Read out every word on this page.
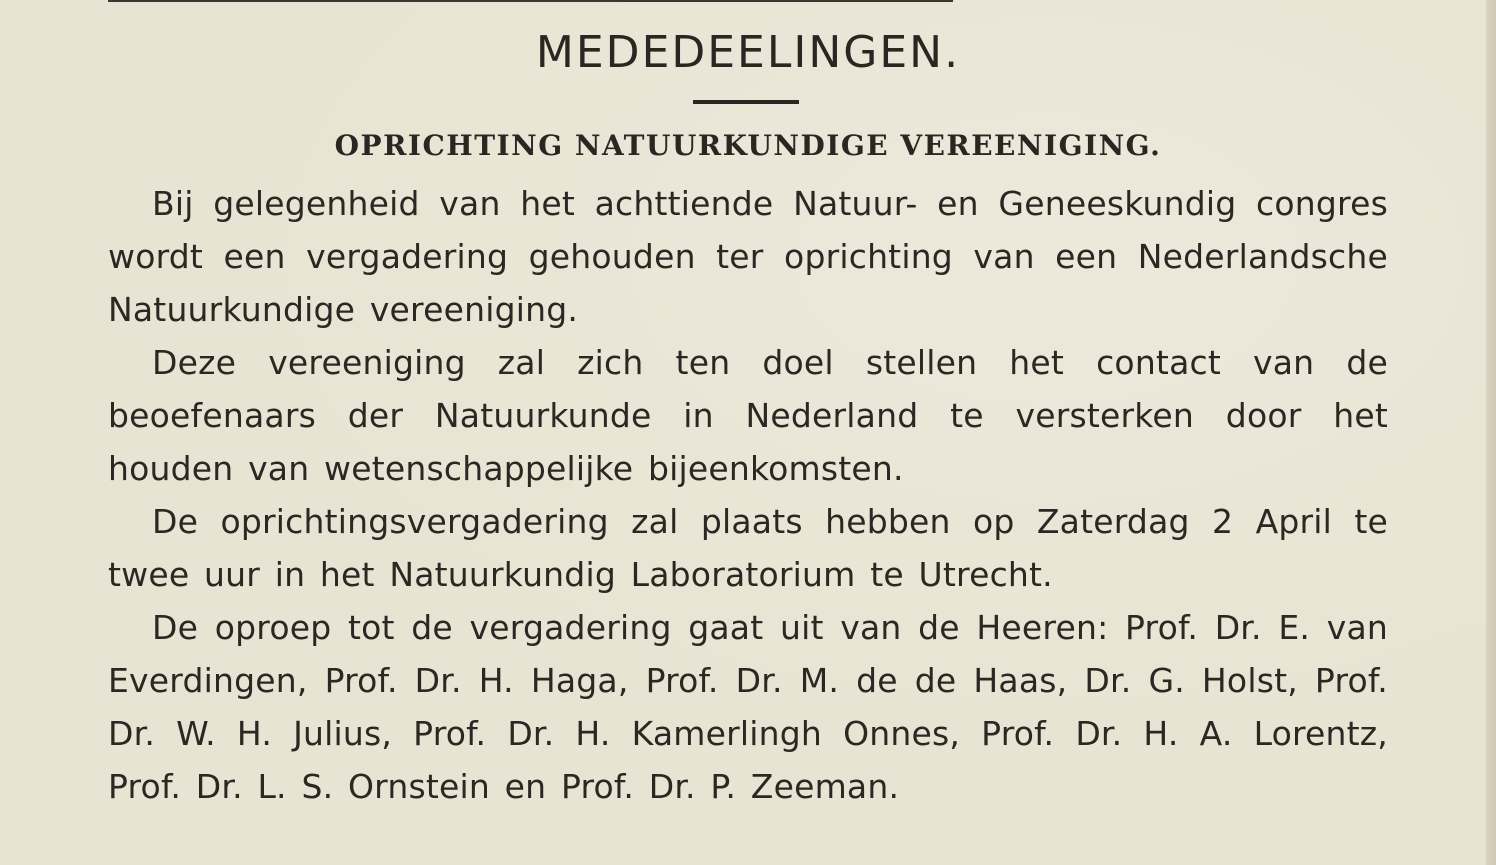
MEDEDEELINGEN.
OPRICHTING NATUURKUNDIGE VEREENIGING.

Bij gelegenheid van het achttiende Natuur- en Geneeskundig congres wordt een vergadering gehouden ter oprichting van een Nederlandsche Natuurkundige vereeniging.

Deze vereeniging zal zich ten doel stellen het contact van de beoefenaars der Natuurkunde in Nederland te versterken door het houden van wetenschappelijke bijeenkomsten.

De oprichtingsvergadering zal plaats hebben op Zaterdag 2 April te twee uur in het Natuurkundig Laboratorium te Utrecht.

De oproep tot de vergadering gaat uit van de Heeren: Prof. Dr. E. van Everdingen, Prof. Dr. H. Haga, Prof. Dr. M. de de Haas, Dr. G. Holst, Prof. Dr. W. H. Julius, Prof. Dr. H. Kamerlingh Onnes, Prof. Dr. H. A. Lorentz, Prof. Dr. L. S. Ornstein en Prof. Dr. P. Zeeman.
